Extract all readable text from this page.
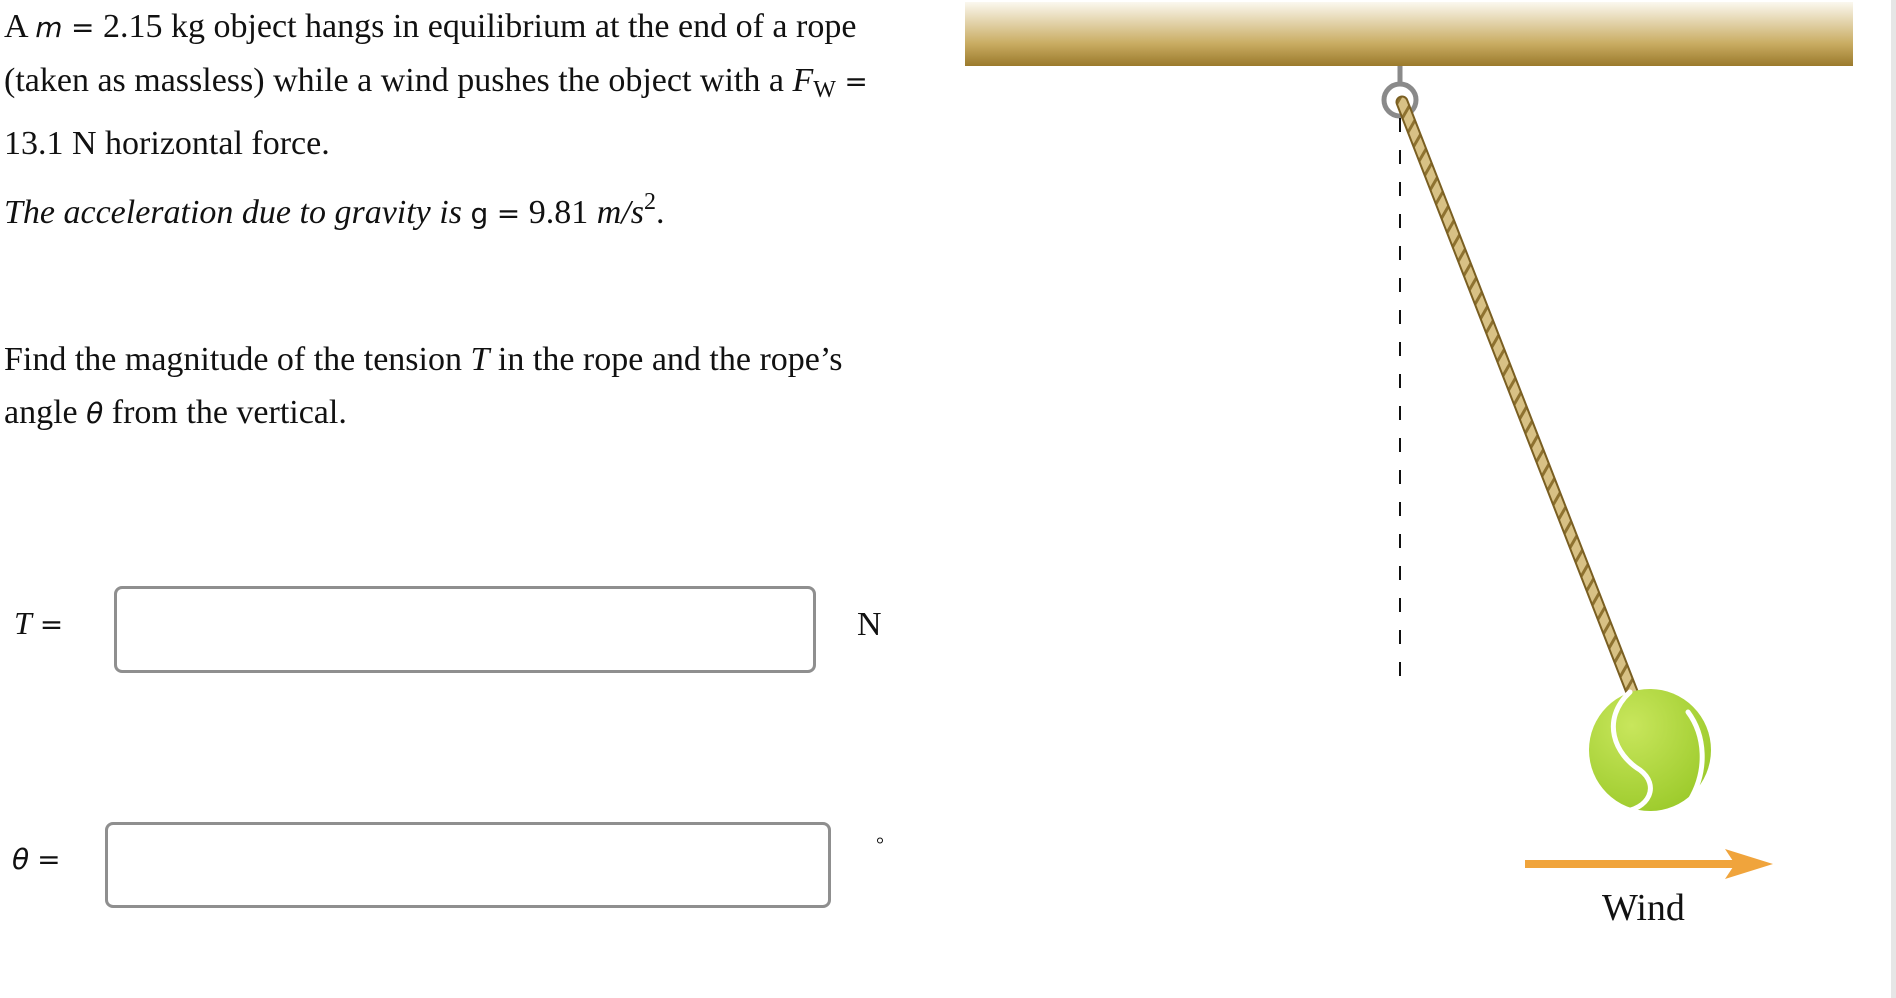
A m = 2.15 kg object hangs in equilibrium at the end of a rope (taken as massless) while a wind pushes the object with a $F_W = 13.1$ N horizontal force.

The acceleration due to gravity is g = 9.81 $m/s^2$.

Find the magnitude of the tension T in the rope and the rope’s angle θ from the vertical.

T =	N
θ =	°
Wind
